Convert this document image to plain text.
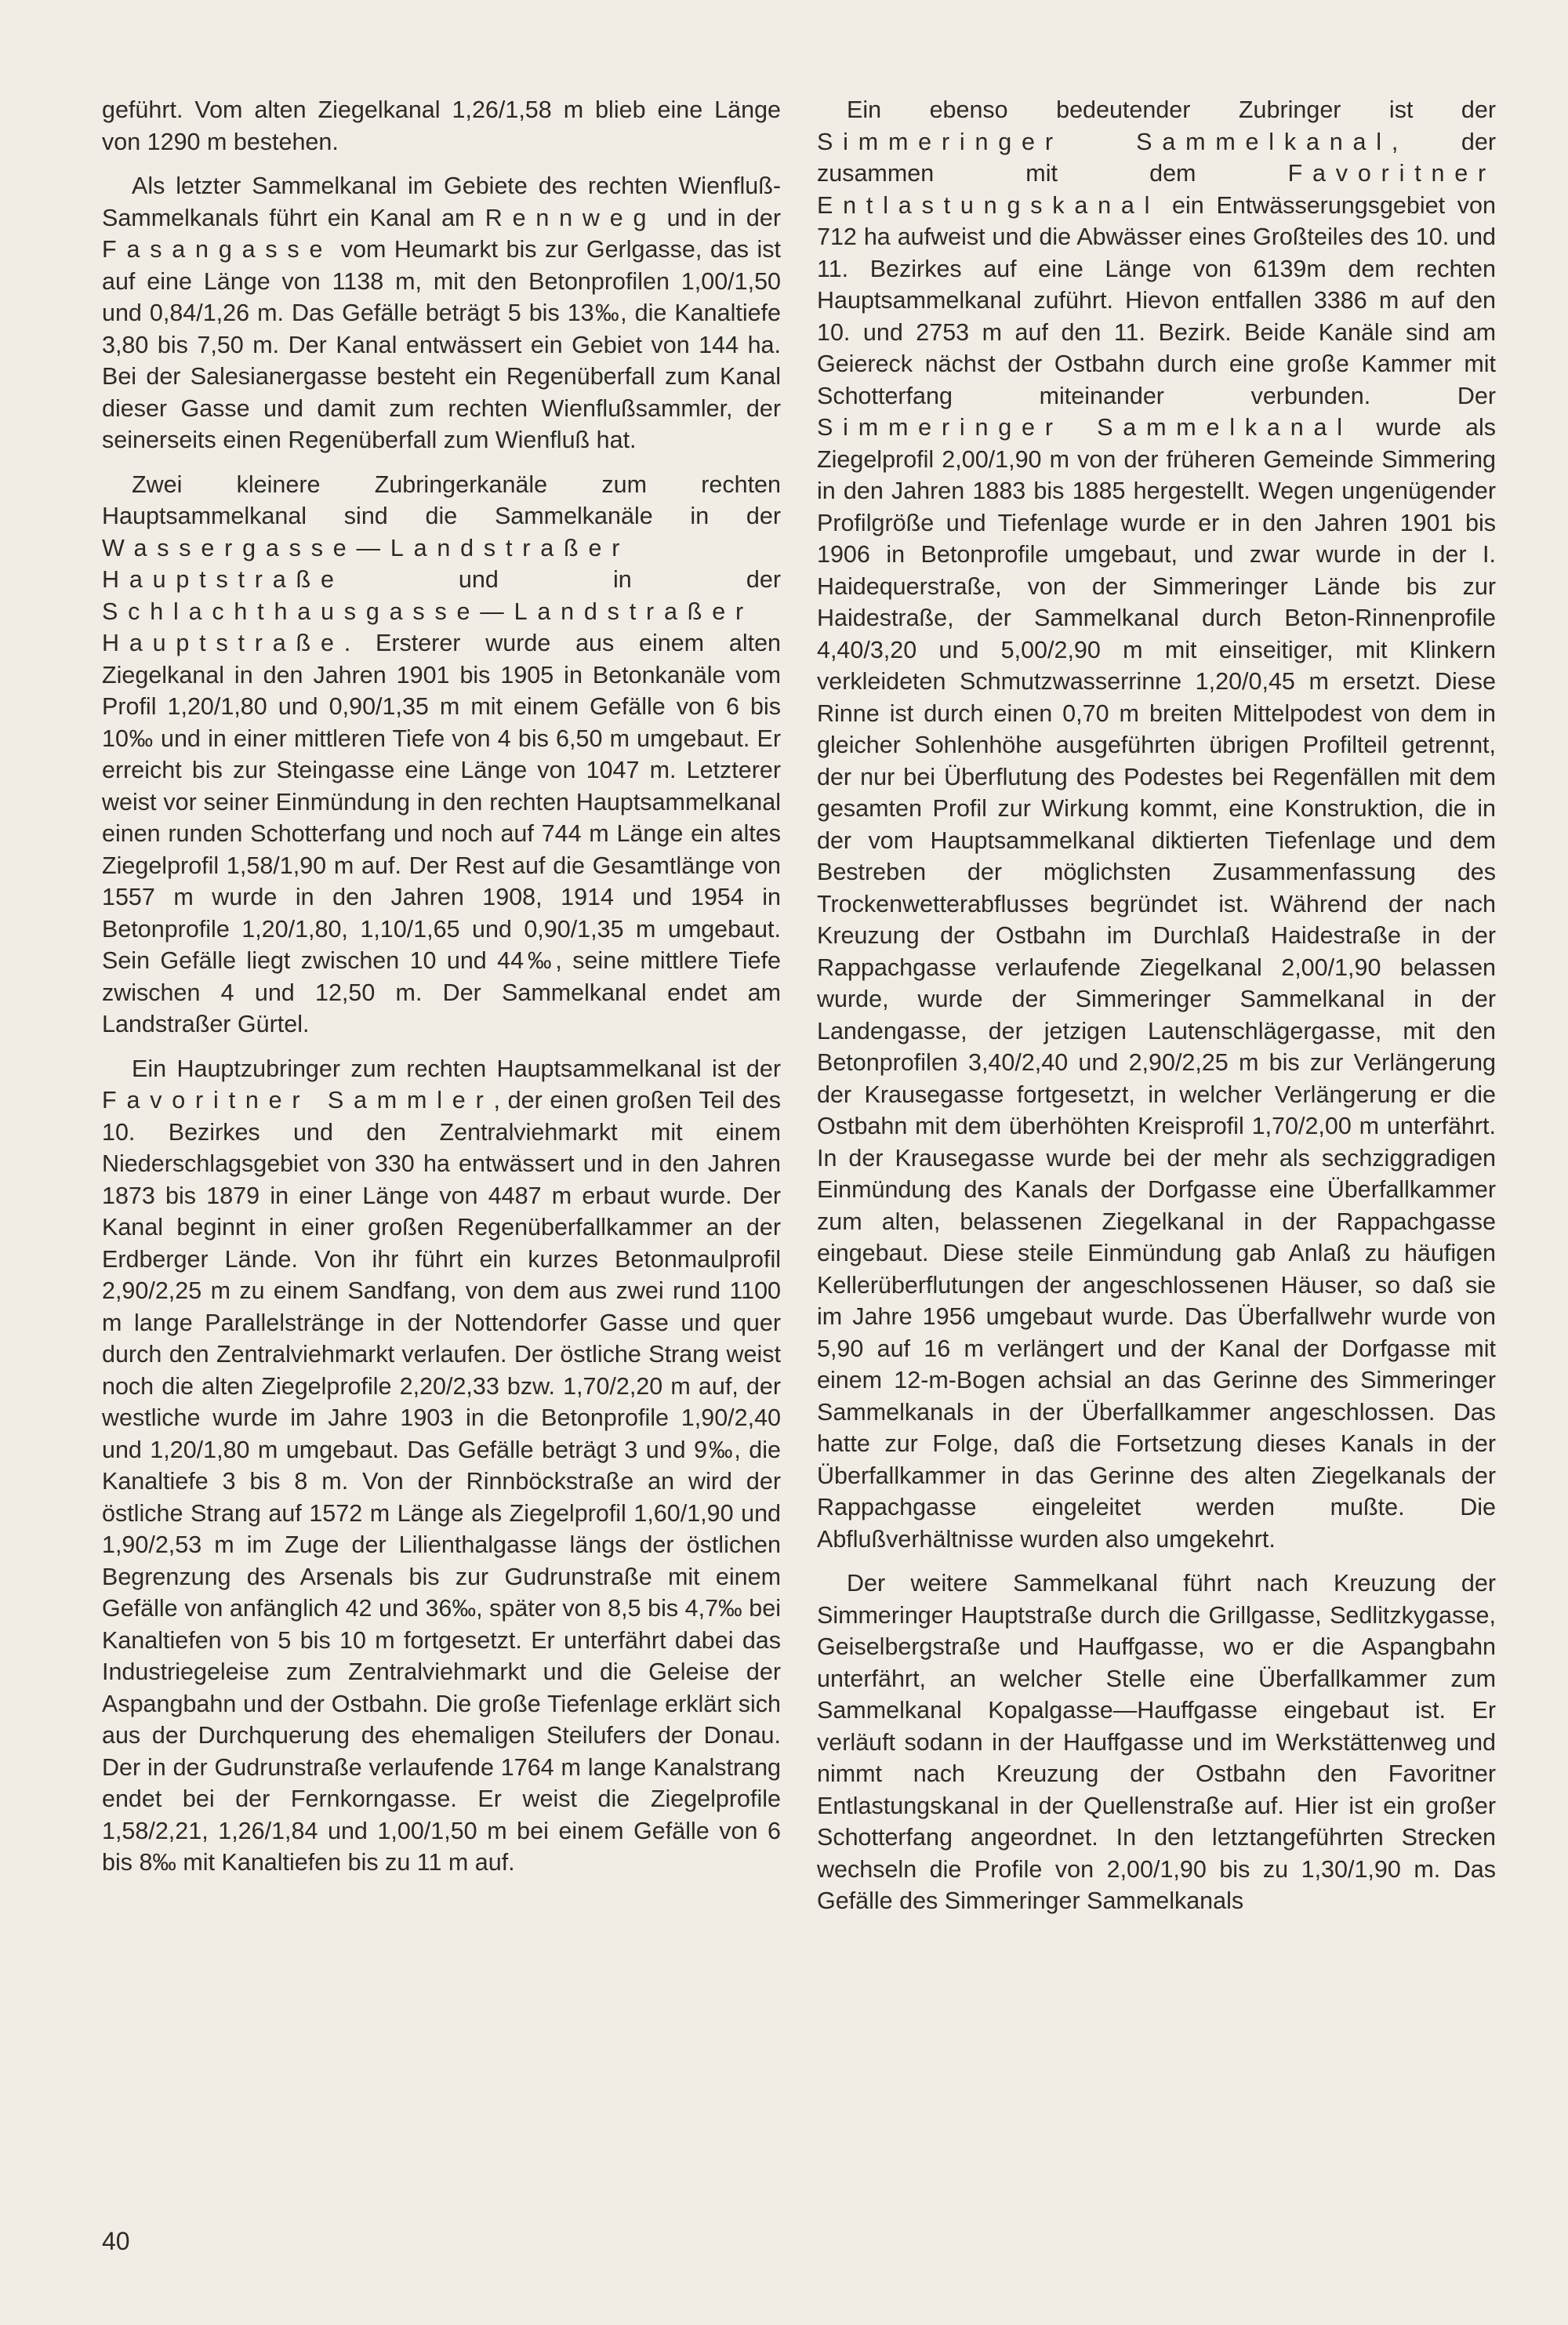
geführt. Vom alten Ziegelkanal 1,26/1,58 m blieb eine Länge von 1290 m bestehen.

Als letzter Sammelkanal im Gebiete des rechten Wienfluß-Sammelkanals führt ein Kanal am Rennweg und in der Fasangasse vom Heumarkt bis zur Gerlgasse, das ist auf eine Länge von 1138 m, mit den Betonprofilen 1,00/1,50 und 0,84/1,26 m. Das Gefälle beträgt 5 bis 13‰, die Kanaltiefe 3,80 bis 7,50 m. Der Kanal entwässert ein Gebiet von 144 ha. Bei der Salesianergasse besteht ein Regenüberfall zum Kanal dieser Gasse und damit zum rechten Wienflußsammler, der seinerseits einen Regenüberfall zum Wienfluß hat.

Zwei kleinere Zubringerkanäle zum rechten Hauptsammelkanal sind die Sammelkanäle in der Wassergasse—Landstraßer Hauptstraße und in der Schlachthausgasse—Landstraßer Hauptstraße. Ersterer wurde aus einem alten Ziegelkanal in den Jahren 1901 bis 1905 in Betonkanäle vom Profil 1,20/1,80 und 0,90/1,35 m mit einem Gefälle von 6 bis 10‰ und in einer mittleren Tiefe von 4 bis 6,50 m umgebaut. Er erreicht bis zur Steingasse eine Länge von 1047 m. Letzterer weist vor seiner Einmündung in den rechten Hauptsammelkanal einen runden Schotterfang und noch auf 744 m Länge ein altes Ziegelprofil 1,58/1,90 m auf. Der Rest auf die Gesamtlänge von 1557 m wurde in den Jahren 1908, 1914 und 1954 in Betonprofile 1,20/1,80, 1,10/1,65 und 0,90/1,35 m umgebaut. Sein Gefälle liegt zwischen 10 und 44‰, seine mittlere Tiefe zwischen 4 und 12,50 m. Der Sammelkanal endet am Landstraßer Gürtel.

Ein Hauptzubringer zum rechten Hauptsammelkanal ist der Favoritner Sammler, der einen großen Teil des 10. Bezirkes und den Zentralviehmarkt mit einem Niederschlagsgebiet von 330 ha entwässert und in den Jahren 1873 bis 1879 in einer Länge von 4487 m erbaut wurde. Der Kanal beginnt in einer großen Regenüberfallkammer an der Erdberger Lände. Von ihr führt ein kurzes Betonmaulprofil 2,90/2,25 m zu einem Sandfang, von dem aus zwei rund 1100 m lange Parallelstränge in der Nottendorfer Gasse und quer durch den Zentralviehmarkt verlaufen. Der östliche Strang weist noch die alten Ziegelprofile 2,20/2,33 bzw. 1,70/2,20 m auf, der westliche wurde im Jahre 1903 in die Betonprofile 1,90/2,40 und 1,20/1,80 m umgebaut. Das Gefälle beträgt 3 und 9‰, die Kanaltiefe 3 bis 8 m. Von der Rinnböckstraße an wird der östliche Strang auf 1572 m Länge als Ziegelprofil 1,60/1,90 und 1,90/2,53 m im Zuge der Lilienthalgasse längs der östlichen Begrenzung des Arsenals bis zur Gudrunstraße mit einem Gefälle von anfänglich 42 und 36‰, später von 8,5 bis 4,7‰ bei Kanaltiefen von 5 bis 10 m fortgesetzt. Er unterfährt dabei das Industriegeleise zum Zentralviehmarkt und die Geleise der Aspangbahn und der Ostbahn. Die große Tiefenlage erklärt sich aus der Durchquerung des ehemaligen Steilufers der Donau. Der in der Gudrunstraße verlaufende 1764 m lange Kanalstrang endet bei der Fernkorngasse. Er weist die Ziegelprofile 1,58/2,21, 1,26/1,84 und 1,00/1,50 m bei einem Gefälle von 6 bis 8‰ mit Kanaltiefen bis zu 11 m auf.

Ein ebenso bedeutender Zubringer ist der Simmeringer Sammelkanal, der zusammen mit dem Favoritner Entlastungskanal ein Entwässerungsgebiet von 712 ha aufweist und die Abwässer eines Großteiles des 10. und 11. Bezirkes auf eine Länge von 6139m dem rechten Hauptsammelkanal zuführt. Hievon entfallen 3386 m auf den 10. und 2753 m auf den 11. Bezirk. Beide Kanäle sind am Geiereck nächst der Ostbahn durch eine große Kammer mit Schotterfang miteinander verbunden. Der Simmeringer Sammelkanal wurde als Ziegelprofil 2,00/1,90 m von der früheren Gemeinde Simmering in den Jahren 1883 bis 1885 hergestellt. Wegen ungenügender Profilgröße und Tiefenlage wurde er in den Jahren 1901 bis 1906 in Betonprofile umgebaut, und zwar wurde in der I. Haidequerstraße, von der Simmeringer Lände bis zur Haidestraße, der Sammelkanal durch Beton-Rinnenprofile 4,40/3,20 und 5,00/2,90 m mit einseitiger, mit Klinkern verkleideten Schmutzwasserrinne 1,20/0,45 m ersetzt. Diese Rinne ist durch einen 0,70 m breiten Mittelpodest von dem in gleicher Sohlenhöhe ausgeführten übrigen Profilteil getrennt, der nur bei Überflutung des Podestes bei Regenfällen mit dem gesamten Profil zur Wirkung kommt, eine Konstruktion, die in der vom Hauptsammelkanal diktierten Tiefenlage und dem Bestreben der möglichsten Zusammenfassung des Trockenwetterabflusses begründet ist. Während der nach Kreuzung der Ostbahn im Durchlaß Haidestraße in der Rappachgasse verlaufende Ziegelkanal 2,00/1,90 belassen wurde, wurde der Simmeringer Sammelkanal in der Landengasse, der jetzigen Lautenschlägergasse, mit den Betonprofilen 3,40/2,40 und 2,90/2,25 m bis zur Verlängerung der Krausegasse fortgesetzt, in welcher Verlängerung er die Ostbahn mit dem überhöhten Kreisprofil 1,70/2,00 m unterfährt. In der Krausegasse wurde bei der mehr als sechziggradigen Einmündung des Kanals der Dorfgasse eine Überfallkammer zum alten, belassenen Ziegelkanal in der Rappachgasse eingebaut. Diese steile Einmündung gab Anlaß zu häufigen Kellerüberflutungen der angeschlossenen Häuser, so daß sie im Jahre 1956 umgebaut wurde. Das Überfallwehr wurde von 5,90 auf 16 m verlängert und der Kanal der Dorfgasse mit einem 12-m-Bogen achsial an das Gerinne des Simmeringer Sammelkanals in der Überfallkammer angeschlossen. Das hatte zur Folge, daß die Fortsetzung dieses Kanals in der Überfallkammer in das Gerinne des alten Ziegelkanals der Rappachgasse eingeleitet werden mußte. Die Abflußverhältnisse wurden also umgekehrt.

Der weitere Sammelkanal führt nach Kreuzung der Simmeringer Hauptstraße durch die Grillgasse, Sedlitzkygasse, Geiselbergstraße und Hauffgasse, wo er die Aspangbahn unterfährt, an welcher Stelle eine Überfallkammer zum Sammelkanal Kopalgasse—Hauffgasse eingebaut ist. Er verläuft sodann in der Hauffgasse und im Werkstättenweg und nimmt nach Kreuzung der Ostbahn den Favoritner Entlastungskanal in der Quellenstraße auf. Hier ist ein großer Schotterfang angeordnet. In den letztangeführten Strecken wechseln die Profile von 2,00/1,90 bis zu 1,30/1,90 m. Das Gefälle des Simmeringer Sammelkanals

40
